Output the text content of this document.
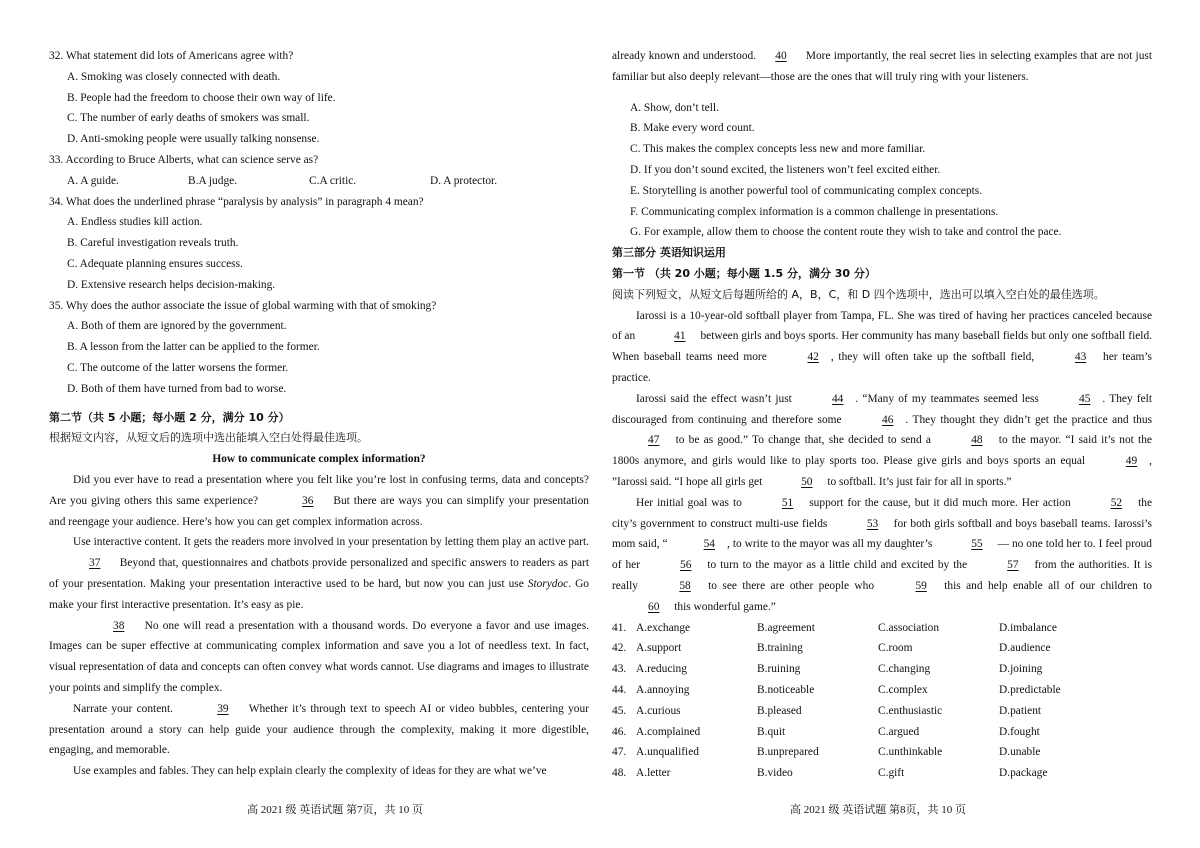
32. What statement did lots of Americans agree with?
A. Smoking was closely connected with death.
B. People had the freedom to choose their own way of life.
C. The number of early deaths of smokers was small.
D. Anti-smoking people were usually talking nonsense.
33. According to Bruce Alberts, what can science serve as?
A. A guide.	B.A judge.	C.A critic.	D. A protector.
34. What does the underlined phrase “paralysis by analysis” in paragraph 4 mean?
A. Endless studies kill action.
B. Careful investigation reveals truth.
C. Adequate planning ensures success.
D. Extensive research helps decision-making.
35. Why does the author associate the issue of global warming with that of smoking?
A. Both of them are ignored by the government.
B. A lesson from the latter can be applied to the former.
C. The outcome of the latter worsens the former.
D. Both of them have turned from bad to worse.
第二节（共 5 小题；每小题 2 分，满分 10 分）
根据短文内容，从短文后的选项中选出能填入空白处得最佳选项。
How to communicate complex information?
Did you ever have to read a presentation where you felt like you’re lost in confusing terms, data and concepts? Are you giving others this same experience?	36 But there are ways you can simplify your presentation and reengage your audience. Here’s how you can get complex information across.
Use interactive content. It gets the readers more involved in your presentation by letting them play an active part. 37 Beyond that, questionnaires and chatbots provide personalized and specific answers to readers as part of your presentation. Making your presentation interactive used to be hard, but now you can just use Storydoc. Go make your first interactive presentation. It’s easy as pie.
38 No one will read a presentation with a thousand words. Do everyone a favor and use images. Images can be super effective at communicating complex information and save you a lot of needless text. In fact, visual representation of data and concepts can often convey what words cannot. Use diagrams and images to illustrate your points and simplify the complex.
Narrate your content.	39 Whether it’s through text to speech AI or video bubbles, centering your presentation around a story can help guide your audience through the complexity, making it more digestible, engaging, and memorable.
Use examples and fables. They can help explain clearly the complexity of ideas for they are what we’ve
already known and understood. 40 More importantly, the real secret lies in selecting examples that are not just familiar but also deeply relevant—those are the ones that will truly ring with your listeners.
A. Show, don’t tell.
B. Make every word count.
C. This makes the complex concepts less new and more familiar.
D. If you don’t sound excited, the listeners won’t feel excited either.
E. Storytelling is another powerful tool of communicating complex concepts.
F. Communicating complex information is a common challenge in presentations.
G. For example, allow them to choose the content route they wish to take and control the pace.
第三部分 英语知识运用
第一节 （共 20 小题；每小题 1.5 分，满分 30 分）
阅读下列短文，从短文后每题所给的 A，B，C，和 D 四个选项中，选出可以填入空白处的最佳选项。
Iarossi is a 10-year-old softball player from Tampa, FL. She was tired of having her practices canceled because of an	41 between girls and boys sports. Her community has many baseball fields but only one softball field. When baseball teams need more	42 , they will often take up the softball field,	43 her team’s practice.
Iarossi said the effect wasn’t just	44 . “Many of my teammates seemed less	45 . They felt discouraged from continuing and therefore some	46 . They thought they didn’t get the practice and thus 47 to be as good.” To change that, she decided to send a	48 to the mayor. “I said it’s not the 1800s anymore, and girls would like to play sports too. Please give girls and boys sports an equal	49 , ”Iarossi said. “I hope all girls get	50 to softball. It’s just fair for all in sports.”
Her initial goal was to	51 support for the cause, but it did much more. Her action	52 the city’s government to construct multi-use fields	53 for both girls softball and boys baseball teams. Iarossi’s mom said, “	54 , to write to the mayor was all my daughter’s	55 — no one told her to. I feel proud of her	56 to turn to the mayor as a little child and excited by the	57 from the authorities. It is really	58 to see there are other people who	59 this and help enable all of our children to 60 this wonderful game.”
41. A.exchange	B.agreement	C.association	D.imbalance
42. A.support	B.training	C.room	D.audience
43. A.reducing	B.ruining	C.changing	D.joining
44. A.annoying	B.noticeable	C.complex	D.predictable
45. A.curious	B.pleased	C.enthusiastic	D.patient
46. A.complained	B.quit	C.argued	D.fought
47. A.unqualified	B.unprepared	C.unthinkable	D.unable
48. A.letter	B.video	C.gift	D.package
高 2021 级 英语试题 第7页，共 10 页	高 2021 级 英语试题 第8页，共 10 页
